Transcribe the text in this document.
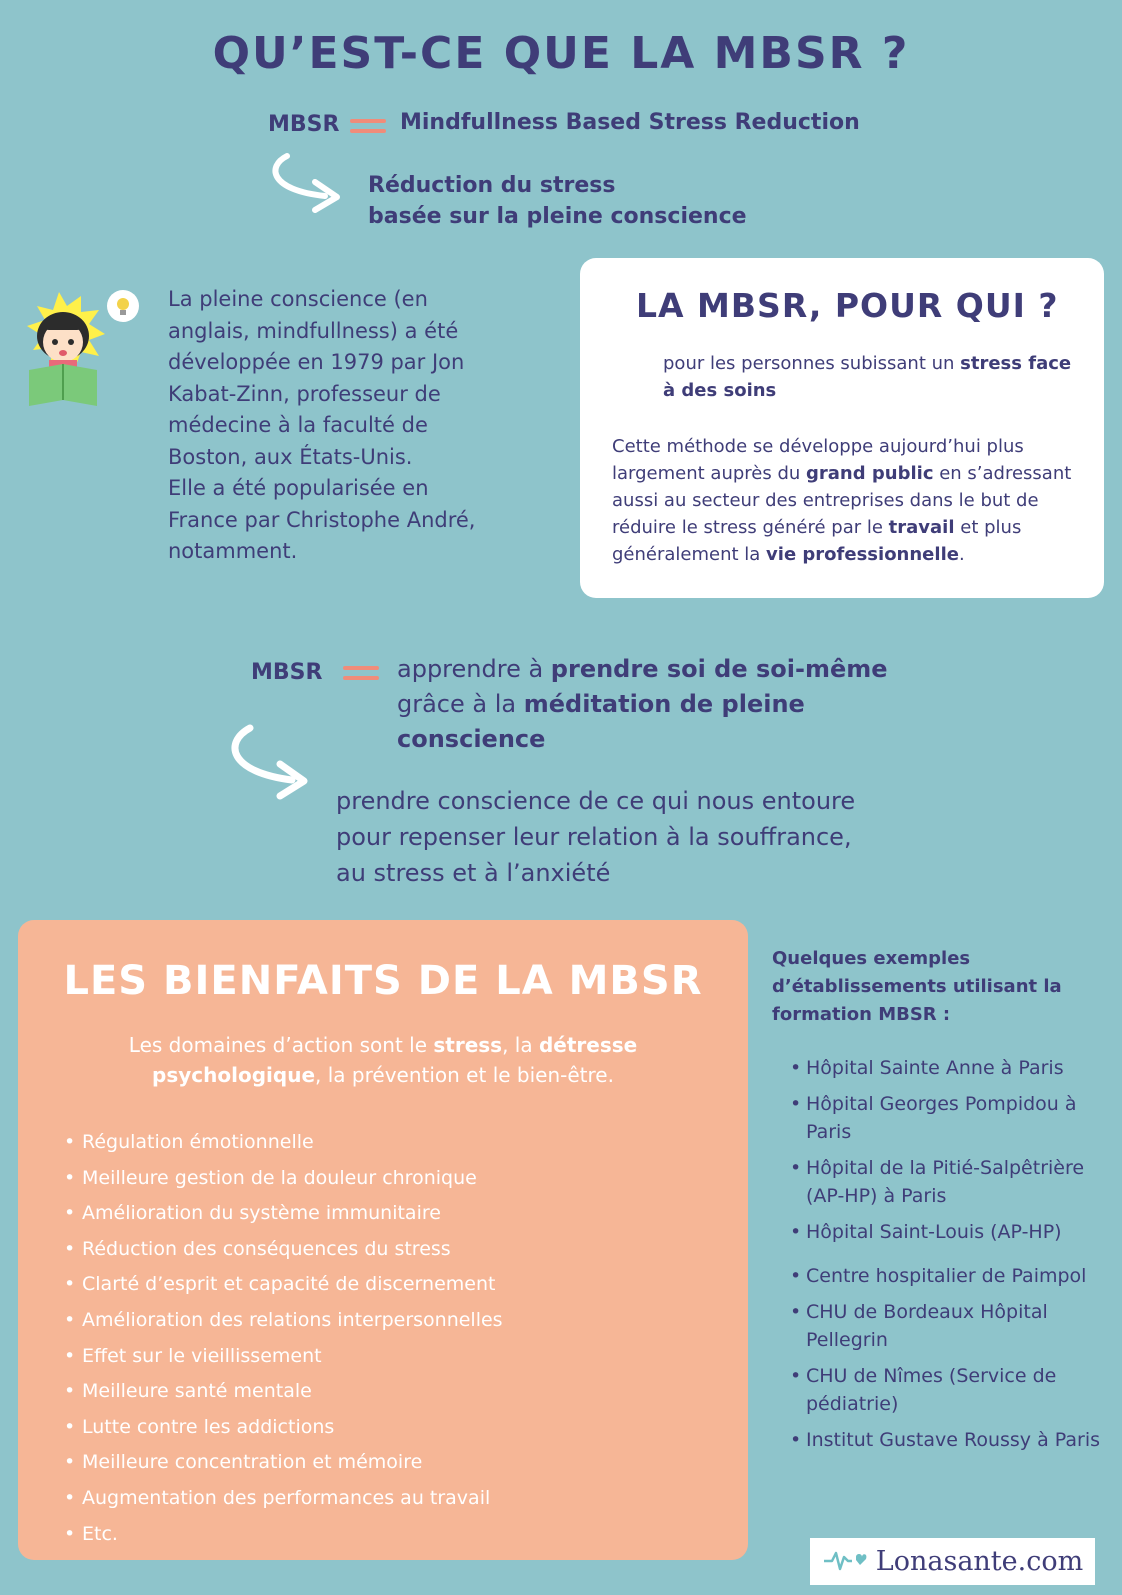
QU’EST-CE QUE LA MBSR ?
MBSR	Mindfullness Based Stress Reduction
Réduction du stress
basée sur la pleine conscience
La pleine conscience (en
anglais, mindfullness) a été
développée en 1979 par Jon
Kabat-Zinn, professeur de
médecine à la faculté de
Boston, aux États-Unis.
Elle a été popularisée en
France par Christophe André,
notamment.
LA MBSR, POUR QUI ?
pour les personnes subissant un stress face à des soins
Cette méthode se développe aujourd’hui plus largement auprès du grand public en s’adressant aussi au secteur des entreprises dans le but de réduire le stress généré par le travail et plus généralement la vie professionnelle.
MBSR	apprendre à prendre soi de soi-même grâce à la méditation de pleine conscience
prendre conscience de ce qui nous entoure pour repenser leur relation à la souffrance, au stress et à l’anxiété
LES BIENFAITS DE LA MBSR
Les domaines d’action sont le stress, la détresse psychologique, la prévention et le bien-être.
• Régulation émotionnelle
• Meilleure gestion de la douleur chronique
• Amélioration du système immunitaire
• Réduction des conséquences du stress
• Clarté d’esprit et capacité de discernement
• Amélioration des relations interpersonnelles
• Effet sur le vieillissement
• Meilleure santé mentale
• Lutte contre les addictions
• Meilleure concentration et mémoire
• Augmentation des performances au travail
• Etc.
Quelques exemples d’établissements utilisant la formation MBSR :
• Hôpital Sainte Anne à Paris
• Hôpital Georges Pompidou à Paris
• Hôpital de la Pitié-Salpêtrière (AP-HP) à Paris
• Hôpital Saint-Louis (AP-HP)
• Centre hospitalier de Paimpol
• CHU de Bordeaux Hôpital Pellegrin
• CHU de Nîmes (Service de pédiatrie)
• Institut Gustave Roussy à Paris
Lonasante.com
